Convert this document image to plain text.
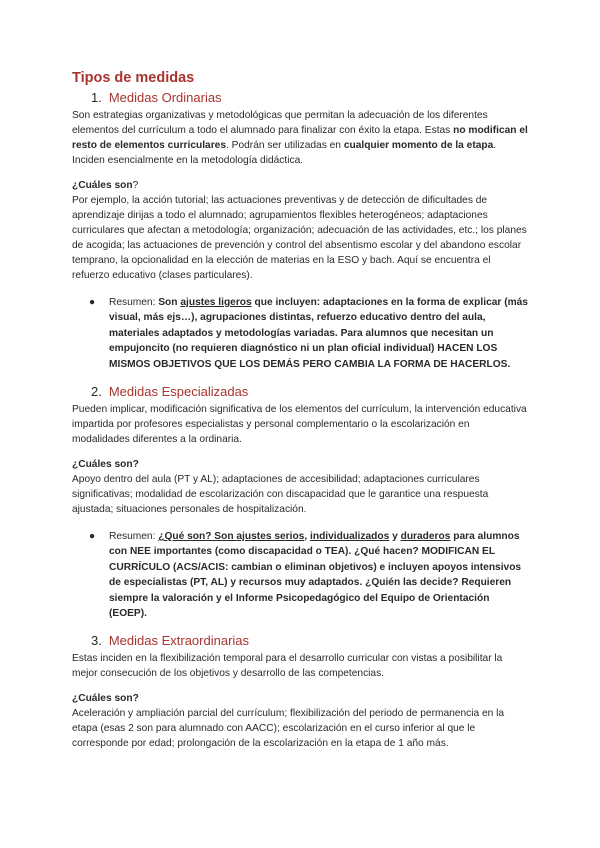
Tipos de medidas
1. Medidas Ordinarias

Son estrategias organizativas y metodológicas que permitan la adecuación de los diferentes elementos del currículum a todo el alumnado para finalizar con éxito la etapa. Estas no modifican el resto de elementos curriculares. Podrán ser utilizadas en cualquier momento de la etapa. Inciden esencialmente en la metodología didáctica.

¿Cuáles son?

Por ejemplo, la acción tutorial; las actuaciones preventivas y de detección de dificultades de aprendizaje dirijas a todo el alumnado; agrupamientos flexibles heterogéneos; adaptaciones curriculares que afectan a metodología; organización; adecuación de las actividades, etc.; los planes de acogida; las actuaciones de prevención y control del absentismo escolar y del abandono escolar temprano, la opcionalidad en la elección de materias en la ESO y bach. Aquí se encuentra el refuerzo educativo (clases particulares).

● Resumen: Son ajustes ligeros que incluyen: adaptaciones en la forma de explicar (más visual, más ejs…), agrupaciones distintas, refuerzo educativo dentro del aula, materiales adaptados y metodologías variadas. Para alumnos que necesitan un empujoncito (no requieren diagnóstico ni un plan oficial individual) HACEN LOS MISMOS OBJETIVOS QUE LOS DEMÁS PERO CAMBIA LA FORMA DE HACERLOS.
2. Medidas Especializadas

Pueden implicar, modificación significativa de los elementos del currículum, la intervención educativa impartida por profesores especialistas y personal complementario o la escolarización en modalidades diferentes a la ordinaria.

¿Cuáles son?

Apoyo dentro del aula (PT y AL); adaptaciones de accesibilidad; adaptaciones curriculares significativas; modalidad de escolarización con discapacidad que le garantice una respuesta ajustada; situaciones personales de hospitalización.

● Resumen: ¿Qué son? Son ajustes serios, individualizados y duraderos para alumnos con NEE importantes (como discapacidad o TEA). ¿Qué hacen? MODIFICAN EL CURRÍCULO (ACS/ACIS: cambian o eliminan objetivos) e incluyen apoyos intensivos de especialistas (PT, AL) y recursos muy adaptados. ¿Quién las decide? Requieren siempre la valoración y el Informe Psicopedagógico del Equipo de Orientación (EOEP).
3. Medidas Extraordinarias

Estas inciden en la flexibilización temporal para el desarrollo curricular con vistas a posibilitar la mejor consecución de los objetivos y desarrollo de las competencias.

¿Cuáles son?

Aceleración y ampliación parcial del currículum; flexibilización del periodo de permanencia en la etapa (esas 2 son para alumnado con AACC); escolarización en el curso inferior al que le corresponde por edad; prolongación de la escolarización en la etapa de 1 año más.
